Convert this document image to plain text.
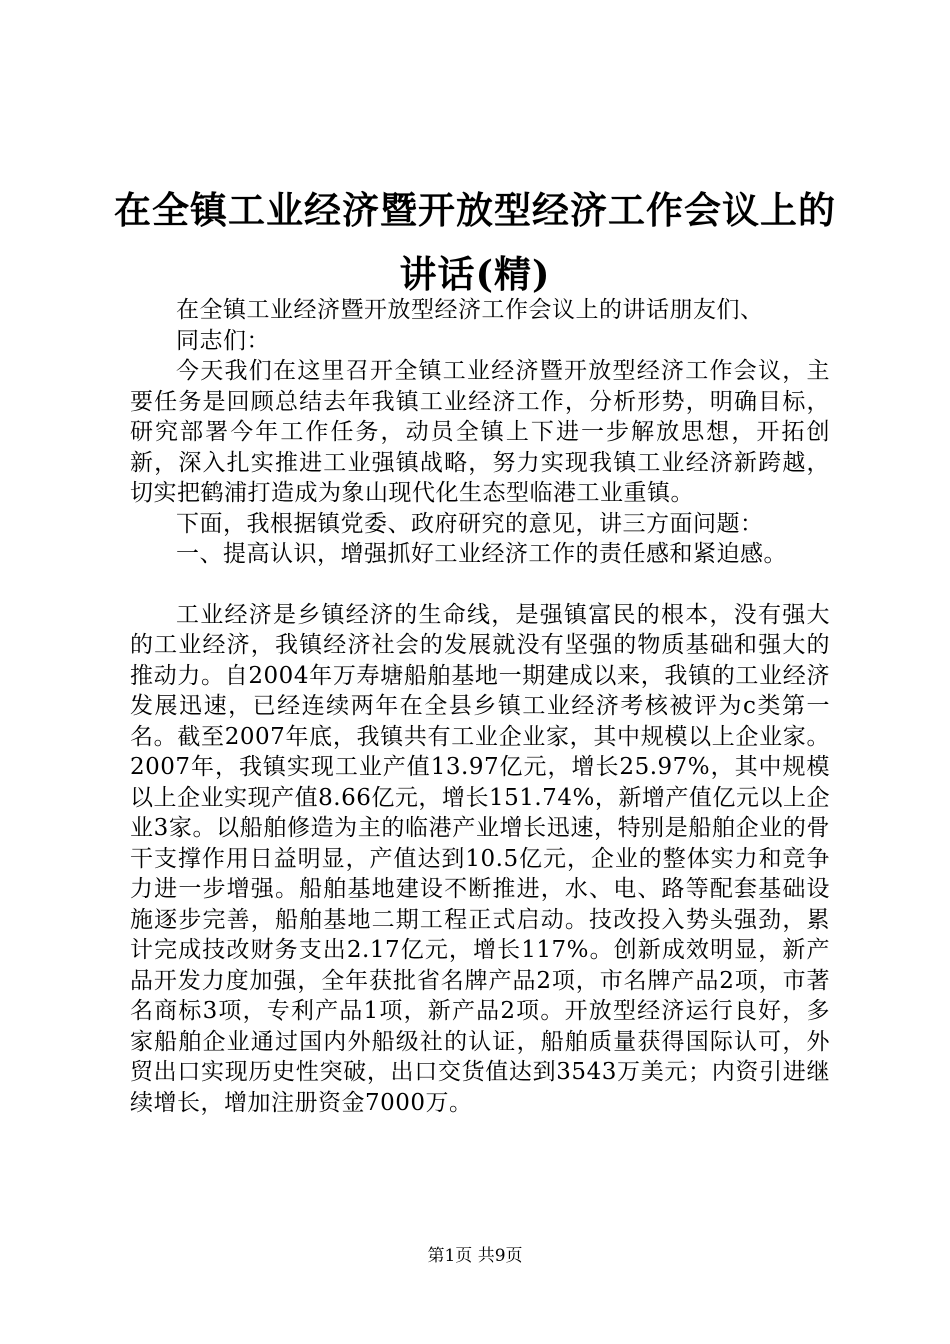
在全镇工业经济暨开放型经济工作会议上的讲话(精)

在全镇工业经济暨开放型经济工作会议上的讲话朋友们、

同志们：

今天我们在这里召开全镇工业经济暨开放型经济工作会议，主要任务是回顾总结去年我镇工业经济工作，分析形势，明确目标，研究部署今年工作任务，动员全镇上下进一步解放思想，开拓创新，深入扎实推进工业强镇战略，努力实现我镇工业经济新跨越，切实把鹤浦打造成为象山现代化生态型临港工业重镇。

下面，我根据镇党委、政府研究的意见，讲三方面问题：

一、提高认识，增强抓好工业经济工作的责任感和紧迫感。

工业经济是乡镇经济的生命线，是强镇富民的根本，没有强大的工业经济，我镇经济社会的发展就没有坚强的物质基础和强大的推动力。自2004年万寿塘船舶基地一期建成以来，我镇的工业经济发展迅速，已经连续两年在全县乡镇工业经济考核被评为c类第一名。截至2007年底，我镇共有工业企业家，其中规模以上企业家。2007年，我镇实现工业产值13.97亿元，增长25.97%，其中规模以上企业实现产值8.66亿元，增长151.74%，新增产值亿元以上企业3家。以船舶修造为主的临港产业增长迅速，特别是船舶企业的骨干支撑作用日益明显，产值达到10.5亿元，企业的整体实力和竞争力进一步增强。船舶基地建设不断推进，水、电、路等配套基础设施逐步完善，船舶基地二期工程正式启动。技改投入势头强劲，累计完成技改财务支出2.17亿元，增长117%。创新成效明显，新产品开发力度加强，全年获批省名牌产品2项，市名牌产品2项，市著名商标3项，专利产品1项，新产品2项。开放型经济运行良好，多家船舶企业通过国内外船级社的认证，船舶质量获得国际认可，外贸出口实现历史性突破，出口交货值达到3543万美元；内资引进继续增长，增加注册资金7000万。

第1页 共9页
